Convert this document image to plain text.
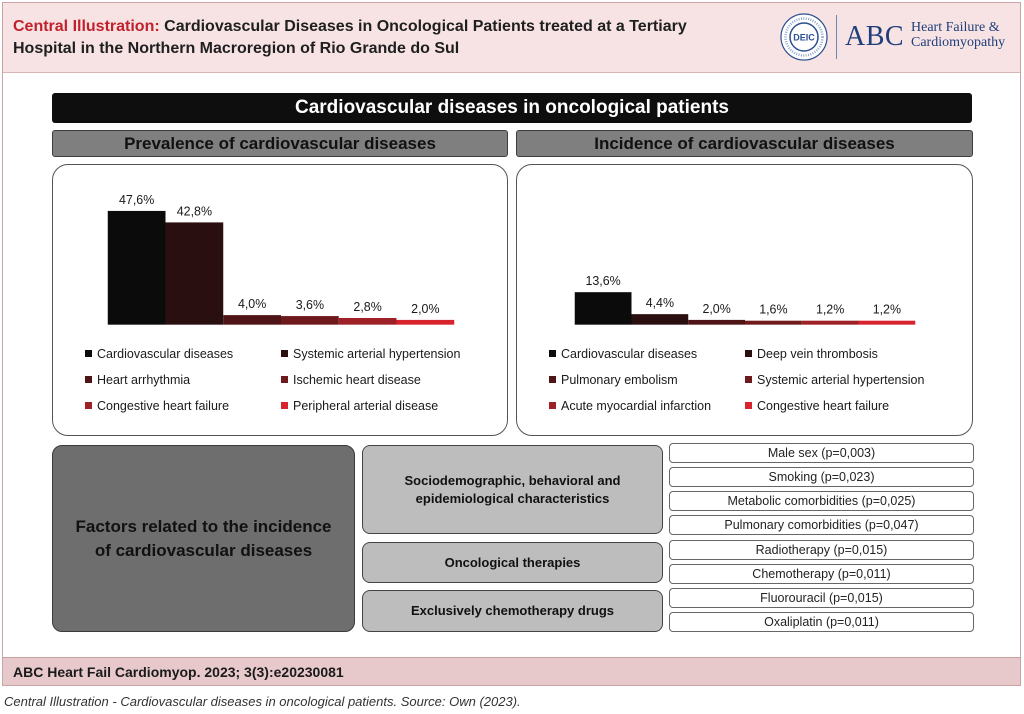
Central Illustration: Cardiovascular Diseases in Oncological Patients treated at a Tertiary Hospital in the Northern Macroregion of Rio Grande do Sul
DEIC ABC Heart Failure &
Cardiomyopathy
ABC Heart Fail Cardiomyop. 2023; 3(3):e20230081
Cardiovascular diseases in oncological patients
Prevalence of cardiovascular diseases	Incidence of cardiovascular diseases
47,6%
42,8%
4,0% 3,6% 2,8% 2,0%
Cardiovascular diseases	Systemic arterial hypertension
Heart arrhythmia	Ischemic heart disease
Congestive heart failure	Peripheral arterial disease
13,6%
4,4% 2,0% 1,6% 1,2% 1,2%
Cardiovascular diseases	Deep vein thrombosis
Pulmonary embolism	Systemic arterial hypertension
Acute myocardial infarction	Congestive heart failure
Factors related to the incidence of cardiovascular diseases
Sociodemographic, behavioral and epidemiological characteristics
Oncological therapies
Exclusively chemotherapy drugs
Male sex (p=0,003)
Smoking (p=0,023)
Metabolic comorbidities (p=0,025)
Pulmonary comorbidities (p=0,047)
Radiotherapy (p=0,015)
Chemotherapy (p=0,011)
Fluorouracil (p=0,015)
Oxaliplatin (p=0,011)
Central Illustration - Cardiovascular diseases in oncological patients. Source: Own (2023).
